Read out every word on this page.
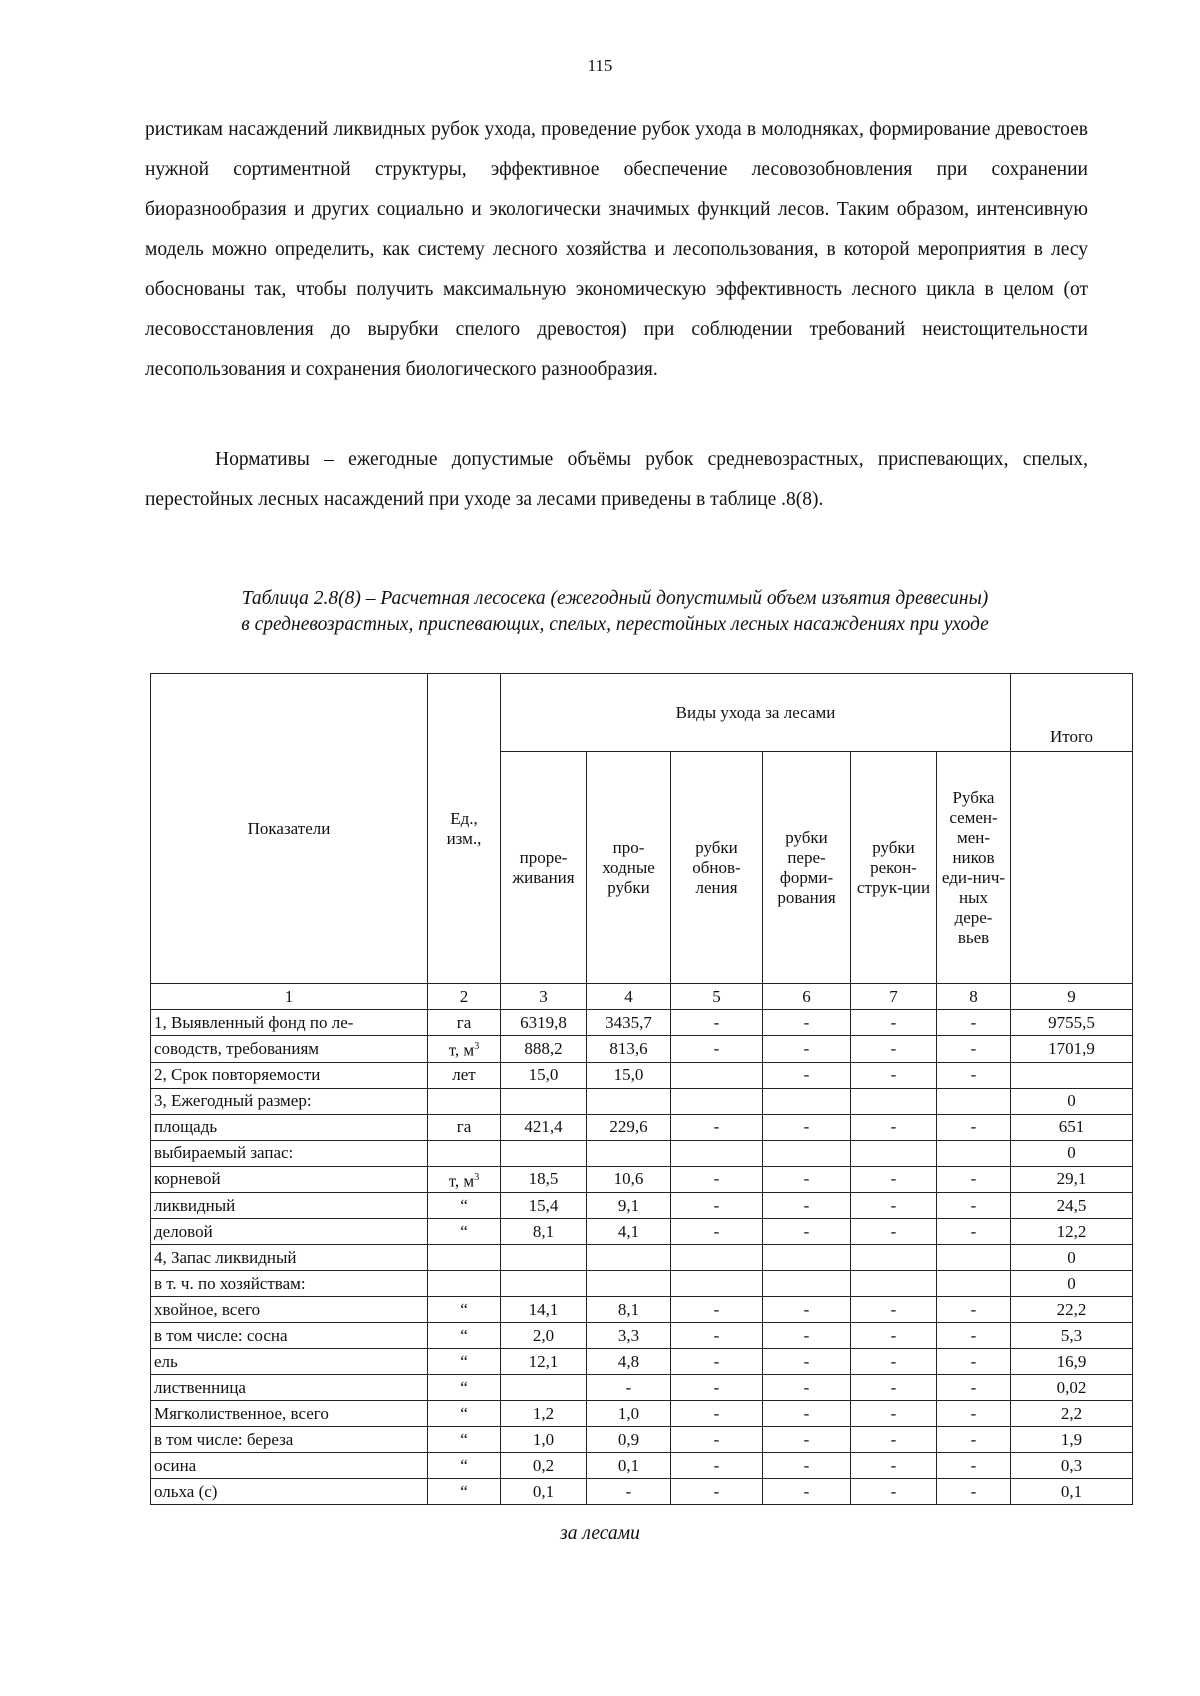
115
ристикам насаждений ликвидных рубок ухода, проведение рубок ухода в молодняках, формирование древостоев нужной сортиментной структуры, эффективное обеспечение лесовозобновления при сохранении биоразнообразия и других социально и экологически значимых функций лесов. Таким образом, интенсивную модель можно определить, как систему лесного хозяйства и лесопользования, в которой мероприятия в лесу обоснованы так, чтобы получить максимальную экономическую эффективность лесного цикла в целом (от лесовосстановления до вырубки спелого древостоя) при соблюдении требований неистощительности лесопользования и сохранения биологического разнообразия.
Нормативы – ежегодные допустимые объёмы рубок средневозрастных, приспевающих, спелых, перестойных лесных насаждений при уходе за лесами приведены в таблице .8(8).
Таблица 2.8(8) – Расчетная лесосека (ежегодный допустимый объем изъятия древесины)
в средневозрастных, приспевающих, спелых, перестойных лесных насаждениях при уходе
Показатели	Ед., изм.,	Виды ухода за лесами						Итого
		проре-живания	про-ходные рубки	рубки обнов-ления	рубки пере-форми-рования	рубки рекон-струк-ции	Рубка семен-мен-ников еди-нич-ных дере-вьев	
1	2	3	4	5	6	7	8	9
1, Выявленный фонд по ле-	га	6319,8	3435,7	-	-	-	-	9755,5
соводств, требованиям	т, $м^3$	888,2	813,6	-	-	-	-	1701,9
2, Срок повторяемости	лет	15,0	15,0		-	-	-	
3, Ежегодный размер:								0
площадь	га	421,4	229,6	-	-	-	-	651
выбираемый запас:								0
корневой	т, $м^3$	18,5	10,6	-	-	-	-	29,1
ликвидный	“	15,4	9,1	-	-	-	-	24,5
деловой	“	8,1	4,1	-	-	-	-	12,2
4, Запас ликвидный								0
в т. ч. по хозяйствам:								0
хвойное, всего	“	14,1	8,1	-	-	-	-	22,2
в том числе: сосна	“	2,0	3,3	-	-	-	-	5,3
ель	“	12,1	4,8	-	-	-	-	16,9
лиственница	“		-	-	-	-	-	0,02
Мягколиственное, всего	“	1,2	1,0	-	-	-	-	2,2
в том числе: береза	“	1,0	0,9	-	-	-	-	1,9
осина	“	0,2	0,1	-	-	-	-	0,3
ольха (с)	“	0,1	-	-	-	-	-	0,1
за лесами
